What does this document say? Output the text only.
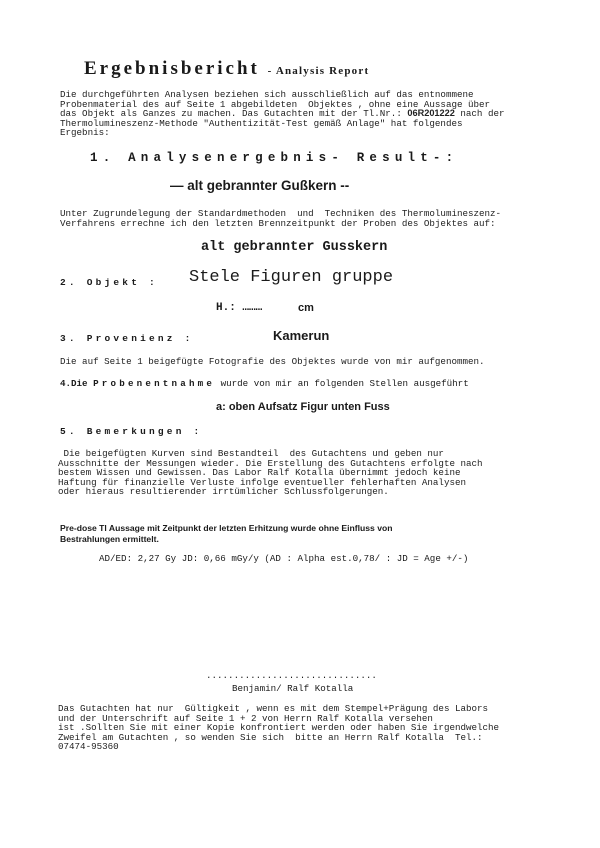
Ergebnisbericht - Analysis Report
Die durchgeführten Analysen beziehen sich ausschließlich auf das entnommene
Probenmaterial des auf Seite 1 abgebildeten  Objektes , ohne eine Aussage über
das Objekt als Ganzes zu machen. Das Gutachten mit der Tl.Nr.: 06R201222 nach der
Thermolumineszenz-Methode "Authentizität-Test gemäß Anlage" hat folgendes
Ergebnis:
1. Analysenergebnis- Result-:
— alt gebrannter Gußkern --
Unter Zugrundelegung der Standardmethoden  und  Techniken des Thermolumineszenz-
Verfahrens errechne ich den letzten Brennzeitpunkt der Proben des Objektes auf:
alt gebrannter Gusskern
2. Objekt : Stele Figuren gruppe
H.: ………	cm
3. Provenienz :	Kamerun
Die auf Seite 1 beigefügte Fotografie des Objektes wurde von mir aufgenommen.
4.Die Probenentnahme wurde von mir an folgenden Stellen ausgeführt
a: oben Aufsatz Figur unten Fuss
5. Bemerkungen :
Die beigefügten Kurven sind Bestandteil  des Gutachtens und geben nur
Ausschnitte der Messungen wieder. Die Erstellung des Gutachtens erfolgte nach
bestem Wissen und Gewissen. Das Labor Ralf Kotalla übernimmt jedoch keine
Haftung für finanzielle Verluste infolge eventueller fehlerhaften Analysen
oder hieraus resultierender irrtümlicher Schlussfolgerungen.
Pre-dose Tl Aussage mit Zeitpunkt der letzten Erhitzung wurde ohne Einfluss von
Bestrahlungen ermittelt.
AD/ED: 2,27 Gy JD: 0,66 mGy/y (AD : Alpha est.0,78/ : JD = Age +/-)
...............................
Benjamin/ Ralf Kotalla
Das Gutachten hat nur  Gültigkeit , wenn es mit dem Stempel+Prägung des Labors
und der Unterschrift auf Seite 1 + 2 von Herrn Ralf Kotalla versehen
ist .Sollten Sie mit einer Kopie konfrontiert werden oder haben Sie irgendwelche
Zweifel am Gutachten , so wenden Sie sich  bitte an Herrn Ralf Kotalla  Tel.:
07474-95360
